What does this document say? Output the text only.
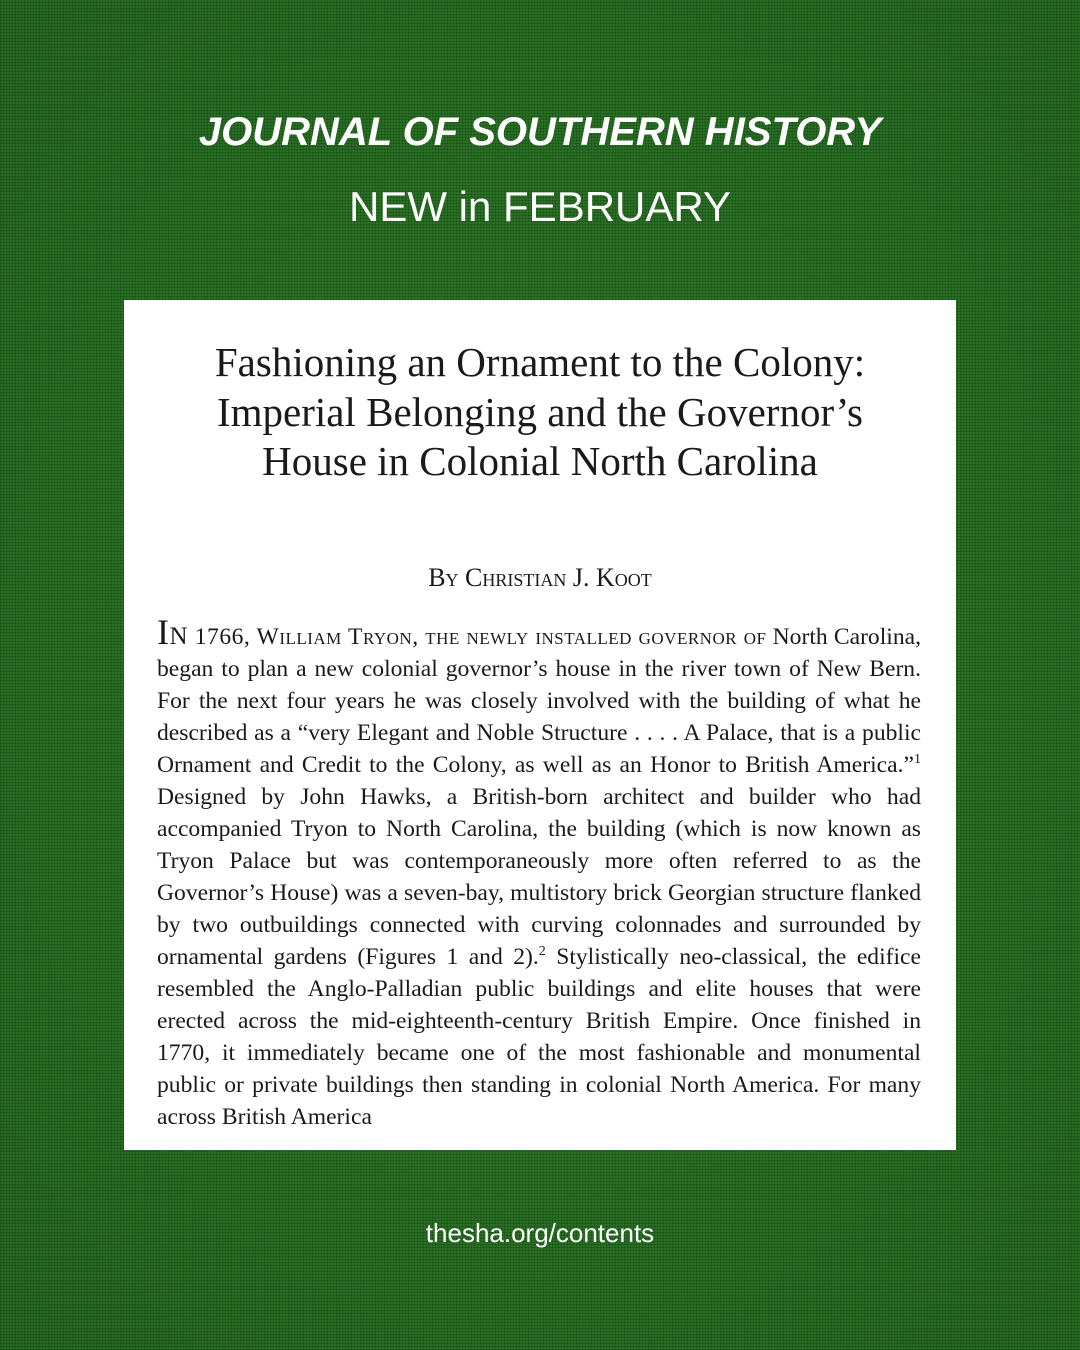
JOURNAL OF SOUTHERN HISTORY
NEW in FEBRUARY
Fashioning an Ornament to the Colony: Imperial Belonging and the Governor’s House in Colonial North Carolina
By Christian J. Koot

In 1766, William Tryon, the newly installed governor of North Carolina, began to plan a new colonial governor’s house in the river town of New Bern. For the next four years he was closely involved with the building of what he described as a “very Elegant and Noble Structure . . . . A Palace, that is a public Ornament and Credit to the Colony, as well as an Honor to British America.”$^1$ Designed by John Hawks, a British-born architect and builder who had accompanied Tryon to North Carolina, the building (which is now known as Tryon Palace but was contemporaneously more often referred to as the Governor’s House) was a seven-bay, multistory brick Georgian structure flanked by two outbuildings connected with curving colonnades and surrounded by ornamental gardens (Figures 1 and 2).$^2$ Stylistically neo-classical, the edifice resembled the Anglo-Palladian public buildings and elite houses that were erected across the mid-eighteenth-century British Empire. Once finished in 1770, it immediately became one of the most fashionable and monumental public or private buildings then standing in colonial North America. For many across British America

thesha.org/contents
